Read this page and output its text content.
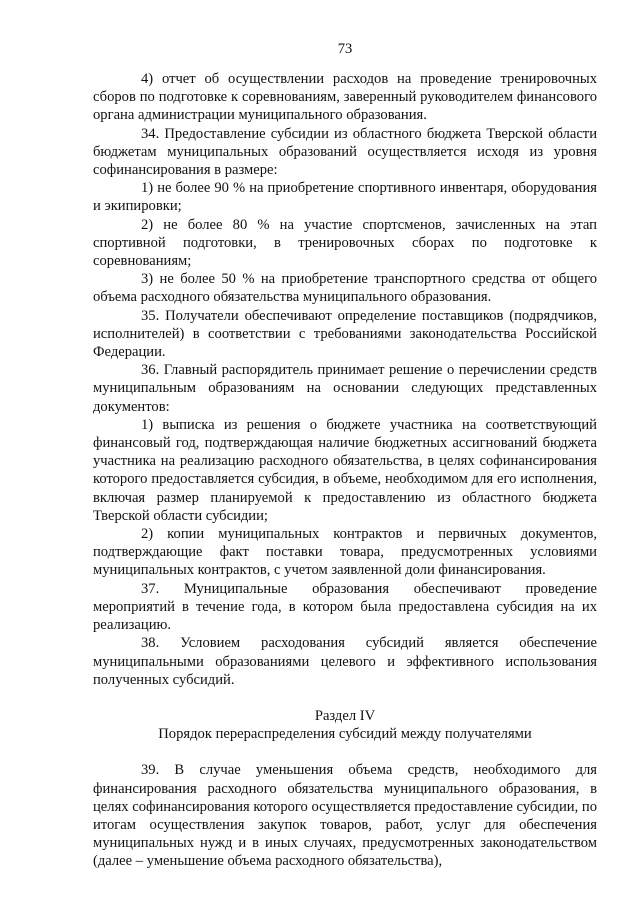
73

4) отчет об осуществлении расходов на проведение тренировочных сборов по подготовке к соревнованиям, заверенный руководителем финансового органа администрации муниципального образования.

34. Предоставление субсидии из областного бюджета Тверской области бюджетам муниципальных образований осуществляется исходя из уровня софинансирования в размере:

1) не более 90 % на приобретение спортивного инвентаря, оборудования и экипировки;

2) не более 80 % на участие спортсменов, зачисленных на этап спортивной подготовки, в тренировочных сборах по подготовке к соревнованиям;

3) не более 50 % на приобретение транспортного средства от общего объема расходного обязательства муниципального образования.

35. Получатели обеспечивают определение поставщиков (подрядчиков, исполнителей) в соответствии с требованиями законодательства Российской Федерации.

36. Главный распорядитель принимает решение о перечислении средств муниципальным образованиям на основании следующих представленных документов:

1) выписка из решения о бюджете участника на соответствующий финансовый год, подтверждающая наличие бюджетных ассигнований бюджета участника на реализацию расходного обязательства, в целях софинансирования которого предоставляется субсидия, в объеме, необходимом для его исполнения, включая размер планируемой к предоставлению из областного бюджета Тверской области субсидии;

2) копии муниципальных контрактов и первичных документов, подтверждающие факт поставки товара, предусмотренных условиями муниципальных контрактов, с учетом заявленной доли финансирования.

37. Муниципальные образования обеспечивают проведение мероприятий в течение года, в котором была предоставлена субсидия на их реализацию.

38. Условием расходования субсидий является обеспечение муниципальными образованиями целевого и эффективного использования полученных субсидий.

Раздел IV

Порядок перераспределения субсидий между получателями

39. В случае уменьшения объема средств, необходимого для финансирования расходного обязательства муниципального образования, в целях софинансирования которого осуществляется предоставление субсидии, по итогам осуществления закупок товаров, работ, услуг для обеспечения муниципальных нужд и в иных случаях, предусмотренных законодательством (далее – уменьшение объема расходного обязательства),
